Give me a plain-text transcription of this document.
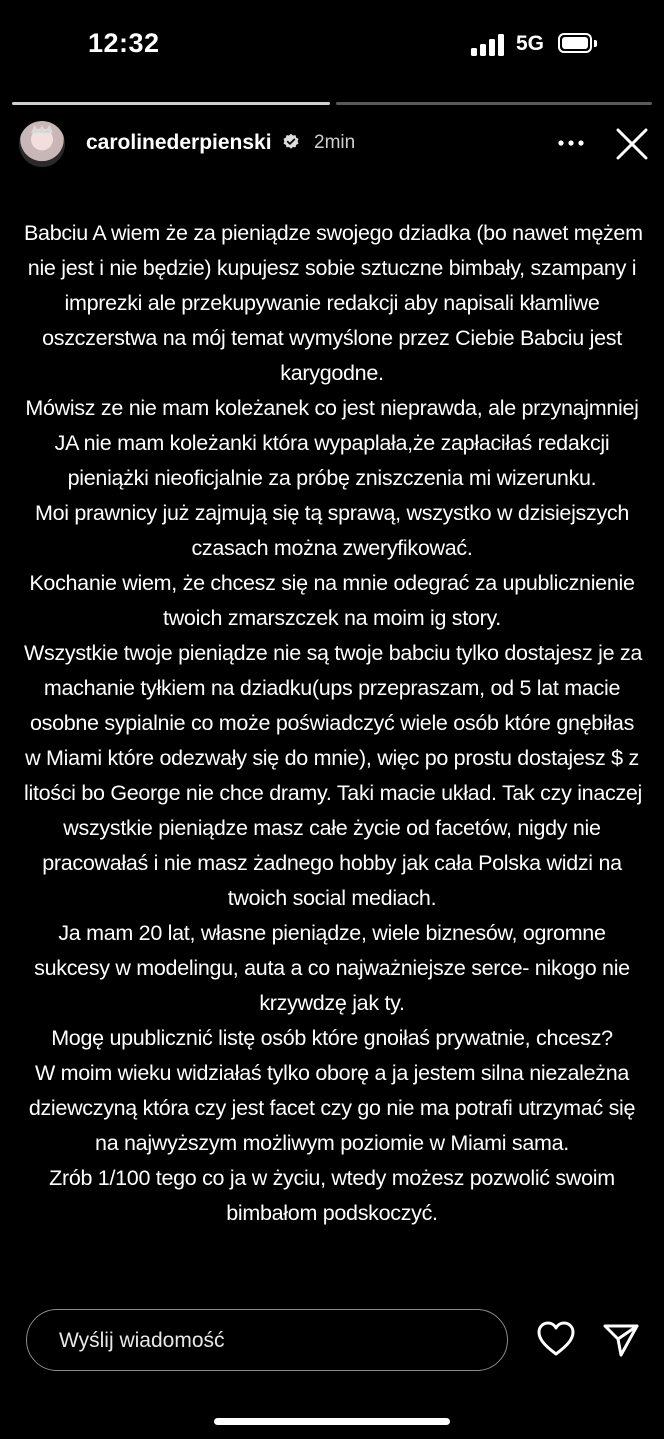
12:32	5G
carolinederpienski 2min
Babciu A wiem że za pieniądze swojego dziadka (bo nawet mężem
nie jest i nie będzie) kupujesz sobie sztuczne bimbały, szampany i
imprezki ale przekupywanie redakcji aby napisali kłamliwe
oszczerstwa na mój temat wymyślone przez Ciebie Babciu jest
karygodne.
Mówisz ze nie mam koleżanek co jest nieprawda, ale przynajmniej
JA nie mam koleżanki która wypaplała,że zapłaciłaś redakcji
pieniążki nieoficjalnie za próbę zniszczenia mi wizerunku.
Moi prawnicy już zajmują się tą sprawą, wszystko w dzisiejszych
czasach można zweryfikować.
Kochanie wiem, że chcesz się na mnie odegrać za upublicznienie
twoich zmarszczek na moim ig story.
Wszystkie twoje pieniądze nie są twoje babciu tylko dostajesz je za
machanie tyłkiem na dziadku(ups przepraszam, od 5 lat macie
osobne sypialnie co może poświadczyć wiele osób które gnębiłas
w Miami które odezwały się do mnie), więc po prostu dostajesz $ z
litości bo George nie chce dramy. Taki macie układ. Tak czy inaczej
wszystkie pieniądze masz całe życie od facetów, nigdy nie
pracowałaś i nie masz żadnego hobby jak cała Polska widzi na
twoich social mediach.
Ja mam 20 lat, własne pieniądze, wiele biznesów, ogromne
sukcesy w modelingu, auta a co najważniejsze serce- nikogo nie
krzywdzę jak ty.
Mogę upublicznić listę osób które gnoiłaś prywatnie, chcesz?
W moim wieku widziałaś tylko oborę a ja jestem silna niezależna
dziewczyną która czy jest facet czy go nie ma potrafi utrzymać się
na najwyższym możliwym poziomie w Miami sama.
Zrób 1/100 tego co ja w życiu, wtedy możesz pozwolić swoim
bimbałom podskoczyć.
Wyślij wiadomość
